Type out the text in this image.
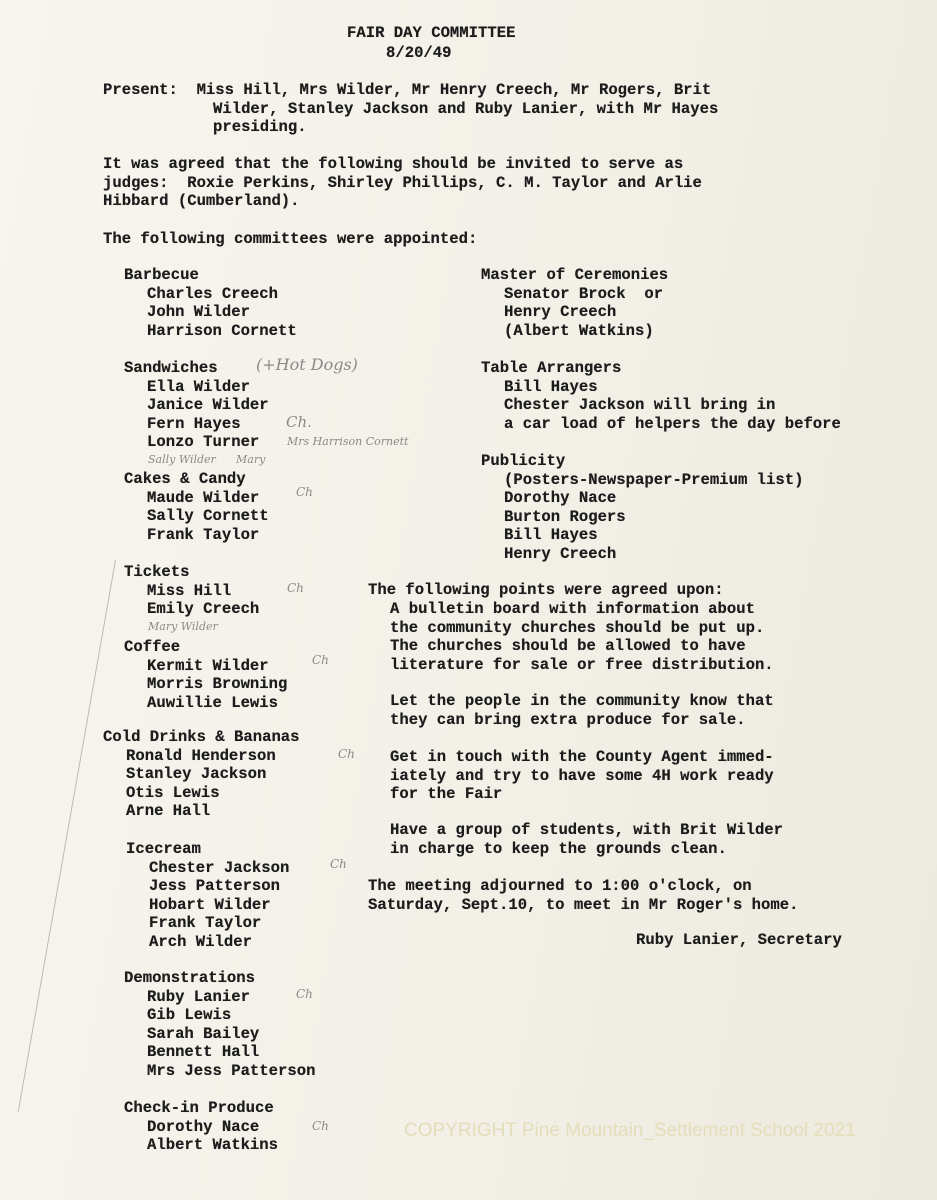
FAIR DAY COMMITTEE
8/20/49
Present:  Miss Hill, Mrs Wilder, Mr Henry Creech, Mr Rogers, Brit
Wilder, Stanley Jackson and Ruby Lanier, with Mr Hayes
presiding.
It was agreed that the following should be invited to serve as
judges:  Roxie Perkins, Shirley Phillips, C. M. Taylor and Arlie
Hibbard (Cumberland).
The following committees were appointed:
Barbecue
Charles Creech
John Wilder
Harrison Cornett
Sandwiches
Ella Wilder
Janice Wilder
Fern Hayes
Lonzo Turner
Cakes & Candy
Maude Wilder
Sally Cornett
Frank Taylor
Tickets
Miss Hill
Emily Creech
Coffee
Kermit Wilder
Morris Browning
Auwillie Lewis
Cold Drinks & Bananas
Ronald Henderson
Stanley Jackson
Otis Lewis
Arne Hall
Icecream
Chester Jackson
Jess Patterson
Hobart Wilder
Frank Taylor
Arch Wilder
Demonstrations
Ruby Lanier
Gib Lewis
Sarah Bailey
Bennett Hall
Mrs Jess Patterson
Check-in Produce
Dorothy Nace
Albert Watkins
Master of Ceremonies
Senator Brock  or
Henry Creech
(Albert Watkins)
Table Arrangers
Bill Hayes
Chester Jackson will bring in
a car load of helpers the day before
Publicity
(Posters-Newspaper-Premium list)
Dorothy Nace
Burton Rogers
Bill Hayes
Henry Creech
The following points were agreed upon:
A bulletin board with information about
the community churches should be put up.
The churches should be allowed to have
literature for sale or free distribution.
Let the people in the community know that
they can bring extra produce for sale.
Get in touch with the County Agent immed-
iately and try to have some 4H work ready
for the Fair
Have a group of students, with Brit Wilder
in charge to keep the grounds clean.
The meeting adjourned to 1:00 o'clock, on
Saturday, Sept.10, to meet in Mr Roger's home.
Ruby Lanier, Secretary
(+Hot Dogs)
Ch.
Sally Wilder Mary
Mrs Harrison Cornett
Ch
Ch
Mary Wilder
Ch
Ch
Ch
Ch
Ch	COPYRIGHT Pine Mountain_Settlement School 2021
